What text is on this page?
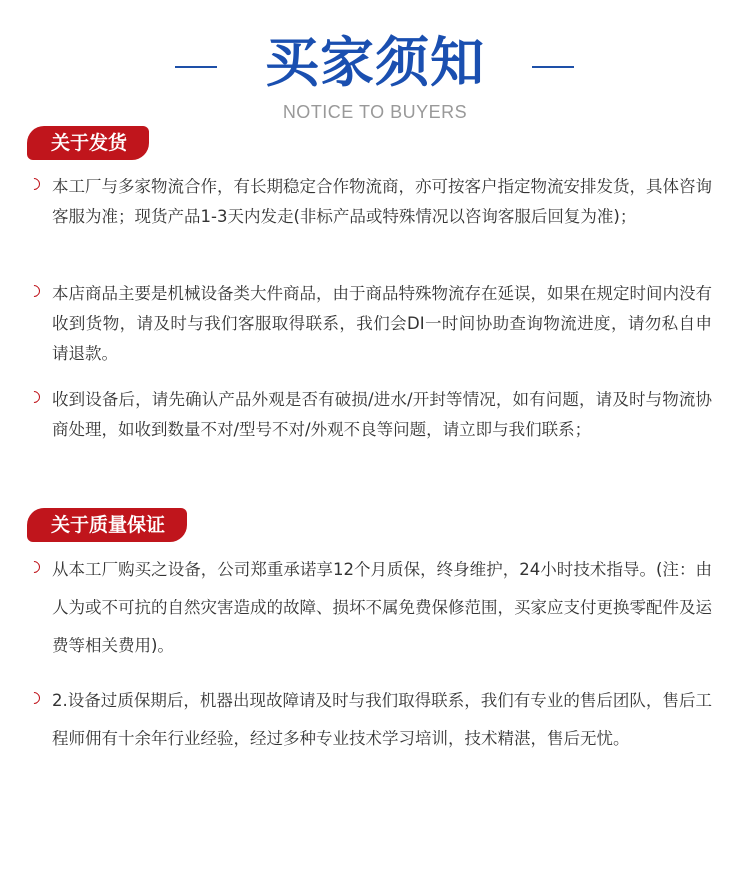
买家须知
NOTICE TO BUYERS
关于发货
本工厂与多家物流合作，有长期稳定合作物流商，亦可按客户指定物流安排发货，具体咨询客服为准；现货产品1-3天内发走(非标产品或特殊情况以咨询客服后回复为准)；
本店商品主要是机械设备类大件商品，由于商品特殊物流存在延误，如果在规定时间内没有收到货物，请及时与我们客服取得联系，我们会DI一时间协助查询物流进度，请勿私自申请退款。
收到设备后，请先确认产品外观是否有破损/进水/开封等情况，如有问题，请及时与物流协商处理，如收到数量不对/型号不对/外观不良等问题，请立即与我们联系；
关于质量保证
从本工厂购买之设备，公司郑重承诺享12个月质保，终身维护，24小时技术指导。(注：由人为或不可抗的自然灾害造成的故障、损坏不属免费保修范围，买家应支付更换零配件及运费等相关费用)。
2.设备过质保期后，机器出现故障请及时与我们取得联系，我们有专业的售后团队，售后工程师佣有十余年行业经验，经过多种专业技术学习培训，技术精湛，售后无忧。
